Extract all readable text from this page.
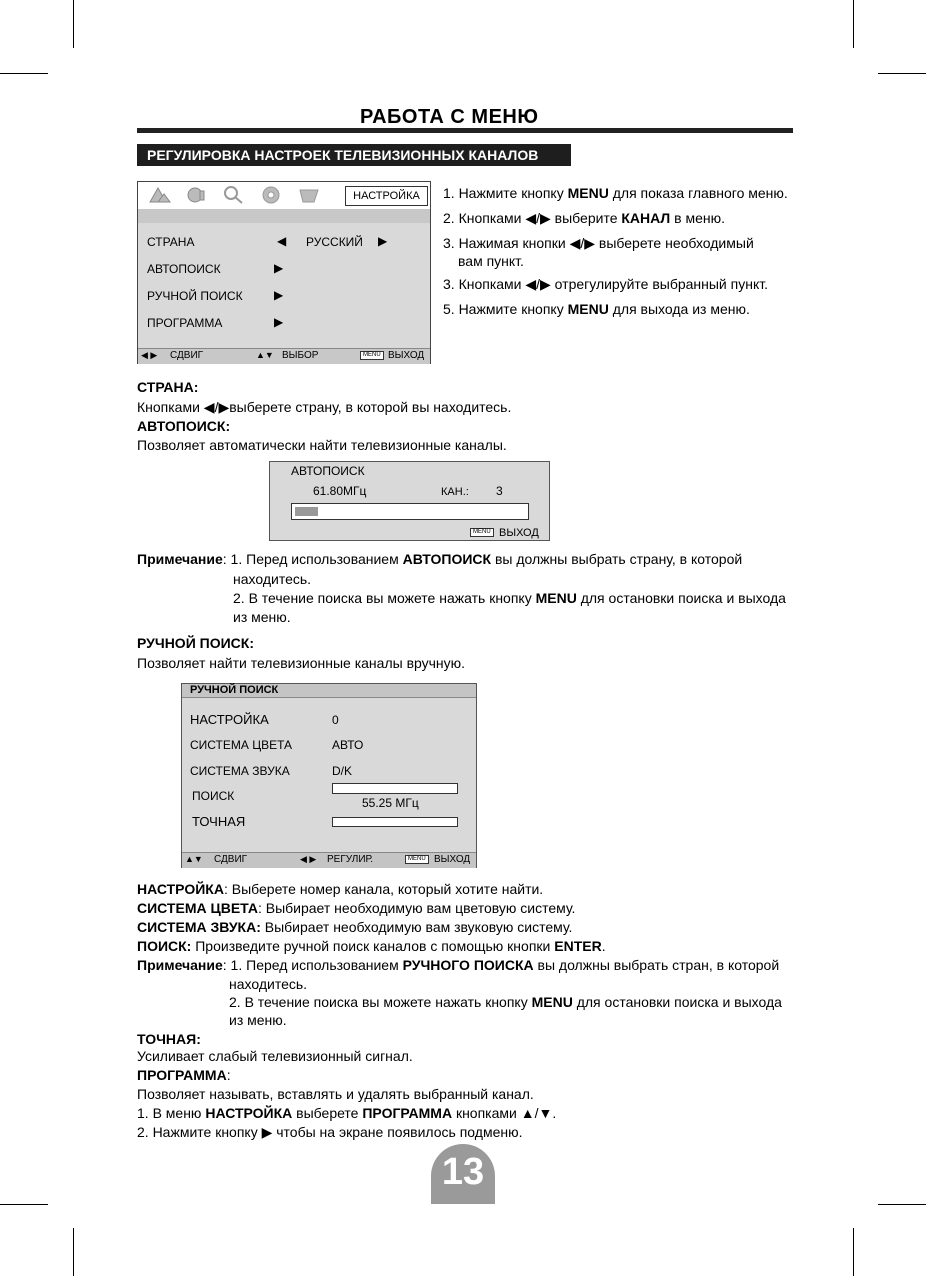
РАБОТА С МЕНЮ
РЕГУЛИРОВКА НАСТРОЕК ТЕЛЕВИЗИОННЫХ КАНАЛОВ
НАСТРОЙКА
СТРАНА	◀ РУССКИЙ ▶
АВТОПОИСК	▶
РУЧНОЙ ПОИСК	▶
ПРОГРАММА	▶
◀ ▶ СДВИГ	▲▼ ВЫБОР	MENU ВЫХОД
1. Нажмите кнопку MENU для показа главного меню.
2. Кнопками ◀/▶ выберите КАНАЛ в меню.
3. Нажимая кнопки ◀/▶ выберете необходимый
вам пункт.
3. Кнопками ◀/▶ отрегулируйте выбранный пункт.
5. Нажмите кнопку MENU для выхода из меню.
СТРАНА:
Кнопками ◀/▶выберете страну, в которой вы находитесь.
АВТОПОИСК:
Позволяет автоматически найти телевизионные каналы.
АВТОПОИСК
61.80МГц	КАН.: 3
MENU ВЫХОД
Примечание: 1. Перед использованием АВТОПОИСК вы должны выбрать страну, в которой
находитесь.
2. В течение поиска вы можете нажать кнопку MENU для остановки поиска и выхода
из меню.
РУЧНОЙ ПОИСК:
Позволяет найти телевизионные каналы вручную.
РУЧНОЙ ПОИСК
НАСТРОЙКА	0
СИСТЕМА ЦВЕТА	АВТО
СИСТЕМА ЗВУКА	D/K
ПОИСК	55.25 МГц
ТОЧНАЯ
▲▼ СДВИГ	◀ ▶ РЕГУЛИР.	MENU ВЫХОД
НАСТРОЙКА: Выберете номер канала, который хотите найти.
СИСТЕМА ЦВЕТА: Выбирает необходимую вам цветовую систему.
СИСТЕМА ЗВУКА: Выбирает необходимую вам звуковую систему.
ПОИСК: Произведите ручной поиск каналов с помощью кнопки ENTER.
Примечание: 1. Перед использованием РУЧНОГО ПОИСКА вы должны выбрать стран, в которой
находитесь.
2. В течение поиска вы можете нажать кнопку MENU для остановки поиска и выхода
из меню.
ТОЧНАЯ:
Усиливает слабый телевизионный сигнал.
ПРОГРАММА:
Позволяет называть, вставлять и удалять выбранный канал.
1. В меню НАСТРОЙКА выберете ПРОГРАММА кнопками ▲/▼.
2. Нажмите кнопку ▶ чтобы на экране появилось подменю.
13
